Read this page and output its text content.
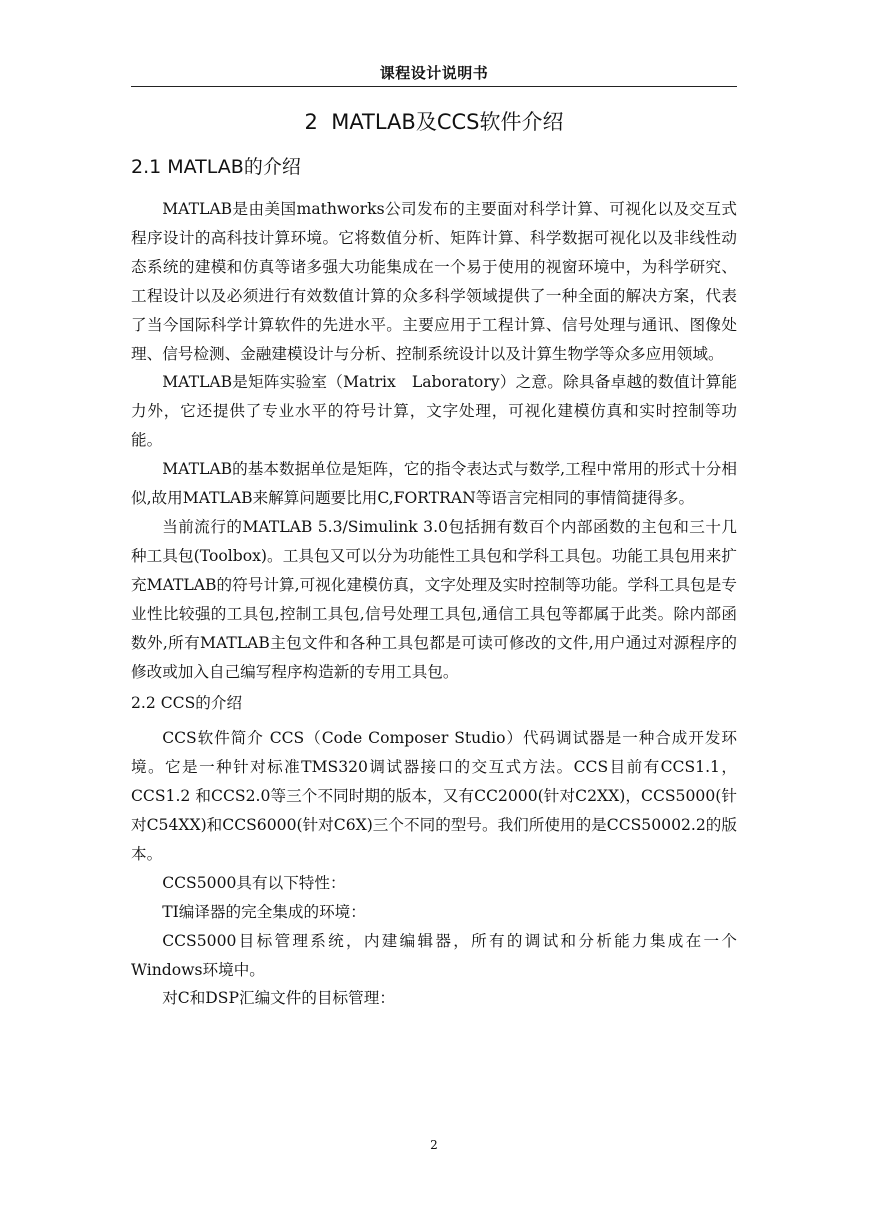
课程设计说明书
2  MATLAB及CCS软件介绍
2.1 MATLAB的介绍

MATLAB是由美国mathworks公司发布的主要面对科学计算、可视化以及交互式程序设计的高科技计算环境。它将数值分析、矩阵计算、科学数据可视化以及非线性动态系统的建模和仿真等诸多强大功能集成在一个易于使用的视窗环境中，为科学研究、工程设计以及必须进行有效数值计算的众多科学领域提供了一种全面的解决方案，代表了当今国际科学计算软件的先进水平。主要应用于工程计算、信号处理与通讯、图像处理、信号检测、金融建模设计与分析、控制系统设计以及计算生物学等众多应用领域。

MATLAB是矩阵实验室（Matrix　Laboratory）之意。除具备卓越的数值计算能力外，它还提供了专业水平的符号计算，文字处理，可视化建模仿真和实时控制等功能。

MATLAB的基本数据单位是矩阵，它的指令表达式与数学,工程中常用的形式十分相似,故用MATLAB来解算问题要比用C,FORTRAN等语言完相同的事情简捷得多。

当前流行的MATLAB 5.3/Simulink 3.0包括拥有数百个内部函数的主包和三十几种工具包(Toolbox)。工具包又可以分为功能性工具包和学科工具包。功能工具包用来扩充MATLAB的符号计算,可视化建模仿真，文字处理及实时控制等功能。学科工具包是专业性比较强的工具包,控制工具包,信号处理工具包,通信工具包等都属于此类。除内部函数外,所有MATLAB主包文件和各种工具包都是可读可修改的文件,用户通过对源程序的修改或加入自己编写程序构造新的专用工具包。

2.2 CCS的介绍

CCS软件简介 CCS（Code Composer Studio）代码调试器是一种合成开发环境。它是一种针对标准TMS320调试器接口的交互式方法。CCS目前有CCS1.1，CCS1.2 和CCS2.0等三个不同时期的版本，又有CC2000(针对C2XX)，CCS5000(针对C54XX)和CCS6000(针对C6X)三个不同的型号。我们所使用的是CCS50002.2的版本。

CCS5000具有以下特性：

TI编译器的完全集成的环境：

CCS5000目标管理系统，内建编辑器，所有的调试和分析能力集成在一个Windows环境中。

对C和DSP汇编文件的目标管理：

2
